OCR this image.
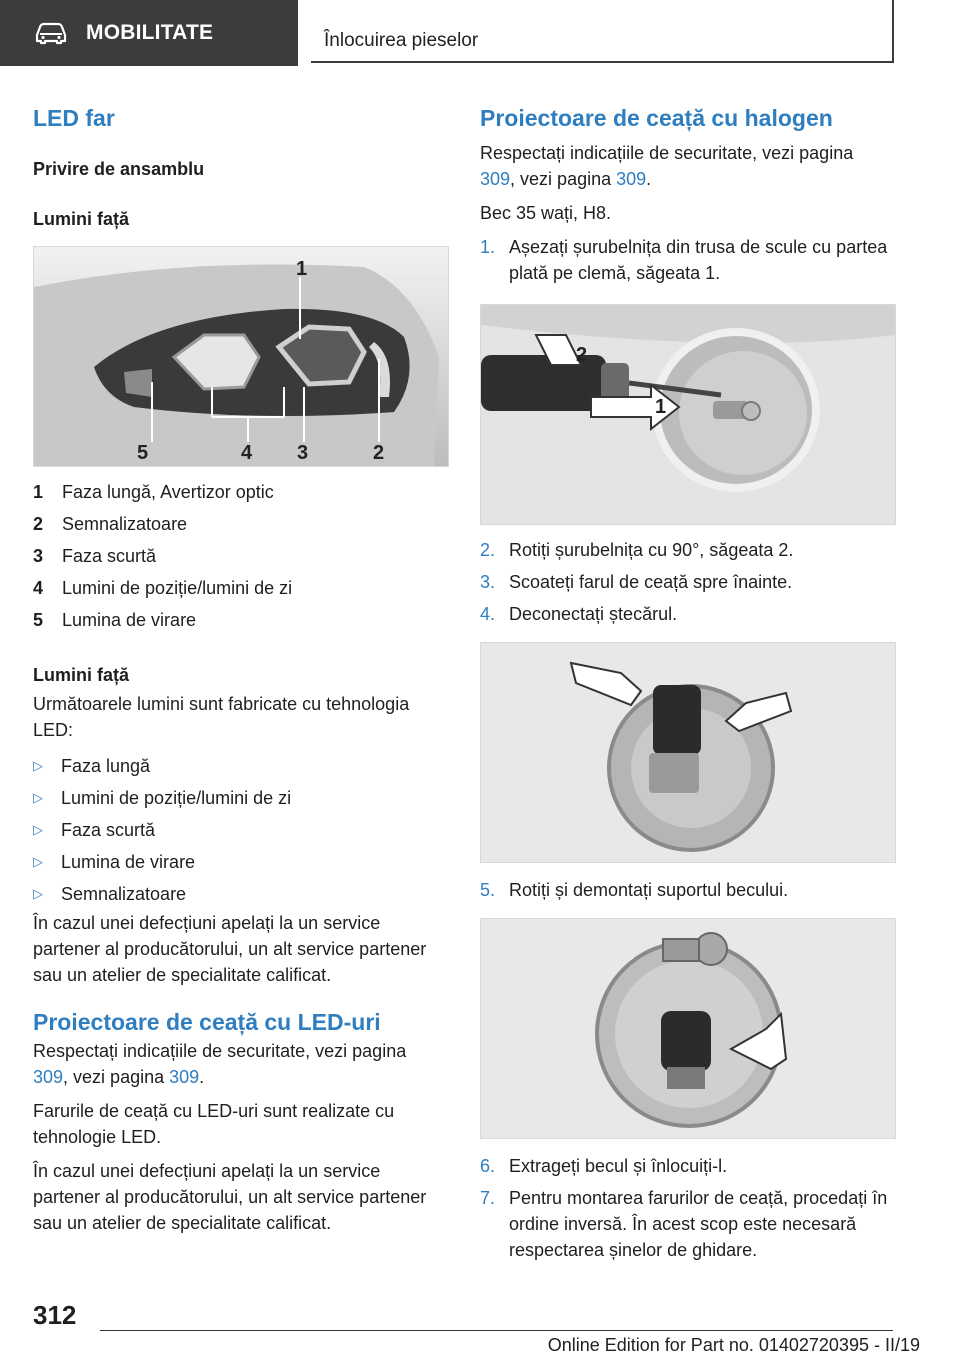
MOBILITATE	Înlocuirea pieselor
LED far
Privire de ansamblu
Lumini față
1
5	4 3	2
1 Faza lungă, Avertizor optic
2 Semnalizatoare
3 Faza scurtă
4 Lumini de poziție/lumini de zi
5 Lumina de virare
Lumini față

Următoarele lumini sunt fabricate cu tehnologia LED:

▷ Faza lungă
▷ Lumini de poziție/lumini de zi
▷ Faza scurtă
▷ Lumina de virare
▷ Semnalizatoare

În cazul unei defecțiuni apelați la un service partener al producătorului, un alt service partener sau un atelier de specialitate calificat.

Proiectoare de ceață cu LED-uri

Respectați indicațiile de securitate, vezi pagina 309, vezi pagina 309.

Farurile de ceață cu LED-uri sunt realizate cu tehnologie LED.

În cazul unei defecțiuni apelați la un service partener al producătorului, un alt service partener sau un atelier de specialitate calificat.

Proiectoare de ceață cu halogen

Respectați indicațiile de securitate, vezi pagina 309, vezi pagina 309.

Bec 35 wați, H8.

1. Așezați șurubelnița din trusa de scule cu partea plată pe clemă, săgeata 1.
2
1
2. Rotiți șurubelnița cu 90°, săgeata 2.
3. Scoateți farul de ceață spre înainte.
4. Deconectați ștecărul.
5. Rotiți și demontați suportul becului.
6. Extrageți becul și înlocuiți-l.
7. Pentru montarea farurilor de ceață, procedați în ordine inversă. În acest scop este necesară respectarea șinelor de ghidare.
312
Online Edition for Part no. 01402720395 - II/19
